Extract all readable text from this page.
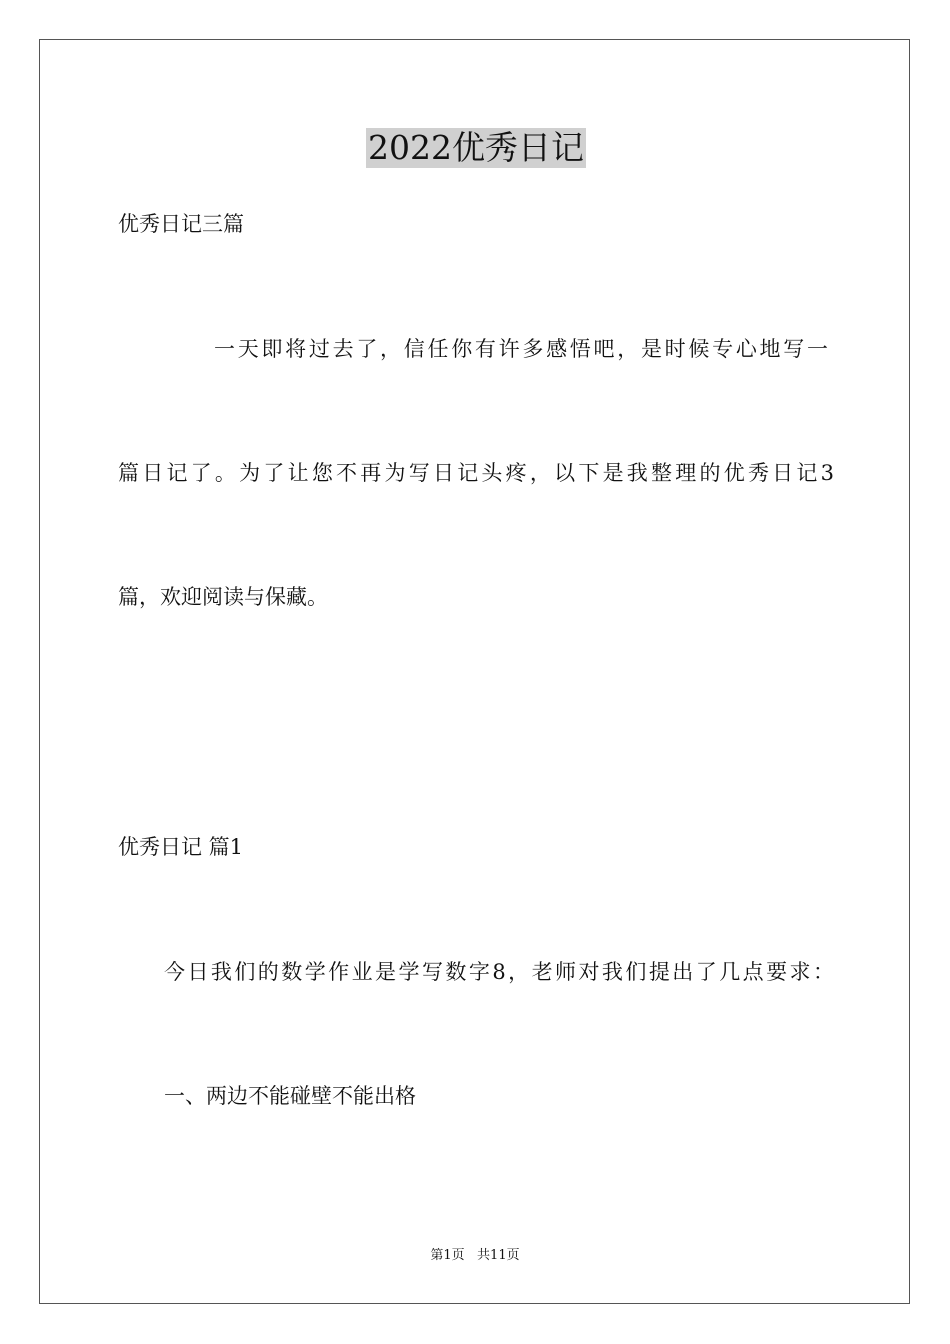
2022优秀日记
优秀日记三篇
一天即将过去了，信任你有许多感悟吧，是时候专心地写一
篇日记了。为了让您不再为写日记头疼，以下是我整理的优秀日记3
篇，欢迎阅读与保藏。
优秀日记 篇1
今日我们的数学作业是学写数字8，老师对我们提出了几点要求：
一、两边不能碰壁不能出格
第1页   共11页
